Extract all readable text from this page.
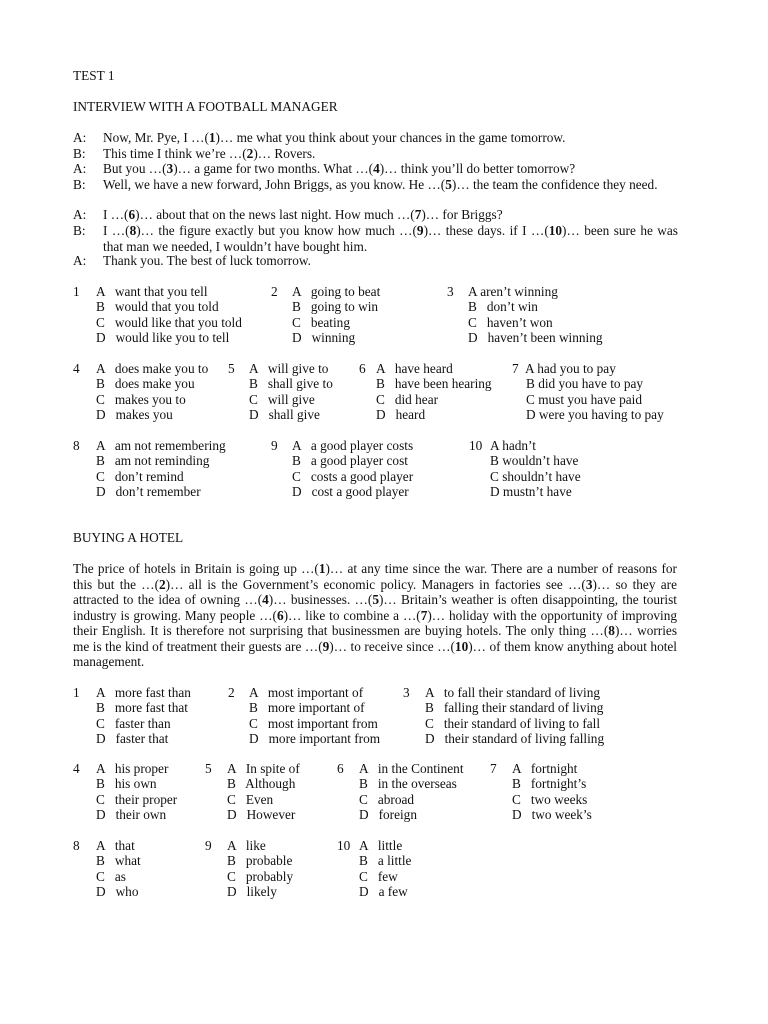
TEST 1
INTERVIEW WITH A FOOTBALL MANAGER
A: Now, Mr. Pye, I …(1)… me what you think about your chances in the game tomorrow.
B: This time I think we’re …(2)… Rovers.
A: But you …(3)… a game for two months. What …(4)… think you’ll do better tomorrow?
B: Well, we have a new forward, John Briggs, as you know. He …(5)… the team the confidence they need.
A: I …(6)… about that on the news last night. How much …(7)… for Briggs?
B: I …(8)… the figure exactly but you know how much …(9)… these days. if I …(10)… been sure he was that man we needed, I wouldn’t have bought him.
A: Thank you. The best of luck tomorrow.
1 A   want that you tell
B   would that you told
C   would like that you told
D   would like you to tell
2 A   going to beat
B   going to win
C   beating
D   winning
3 A aren’t winning
B   don’t win
C   haven’t won
D   haven’t been winning
4 A   does make you to
B   does make you
C   makes you to
D   makes you
5 A   will give to
B   shall give to
C   will give
D   shall give
6 A   have heard
B   have been hearing
C   did hear
D   heard
7 A had you to pay
B did you have to pay
C must you have paid
D were you having to pay
8 A   am not remembering
B   am not reminding
C   don’t remind
D   don’t remember
9 A   a good player costs
B   a good player cost
C   costs a good player
D   cost a good player
10 A hadn’t
B wouldn’t have
C shouldn’t have
D mustn’t have
BUYING A HOTEL
The price of hotels in Britain is going up …(1)… at any time since the war. There are a number of reasons for this but the …(2)… all is the Government’s economic policy. Managers in factories see …(3)… so they are attracted to the idea of owning …(4)… businesses. …(5)… Britain’s weather is often disappointing, the tourist industry is growing. Many people …(6)… like to combine a …(7)… holiday with the opportunity of improving their English. It is therefore not surprising that businessmen are buying hotels. The only thing …(8)… worries me is the kind of treatment their guests are …(9)… to receive since …(10)… of them know anything about hotel management.
1 A   more fast than
B   more fast that
C   faster than
D   faster that
2 A   most important of
B   more important of
C   most important from
D   more important from
3 A   to fall their standard of living
B   falling their standard of living
C   their standard of living to fall
D   their standard of living falling
4 A   his proper
B   his own
C   their proper
D   their own
5 A   In spite of
B   Although
C   Even
D   However
6 A   in the Continent
B   in the overseas
C   abroad
D   foreign
7 A   fortnight
B   fortnight’s
C   two weeks
D   two week’s
8 A   that
B   what
C   as
D   who
9 A   like
B   probable
C   probably
D   likely
10 A   little
B   a little
C   few
D   a few
